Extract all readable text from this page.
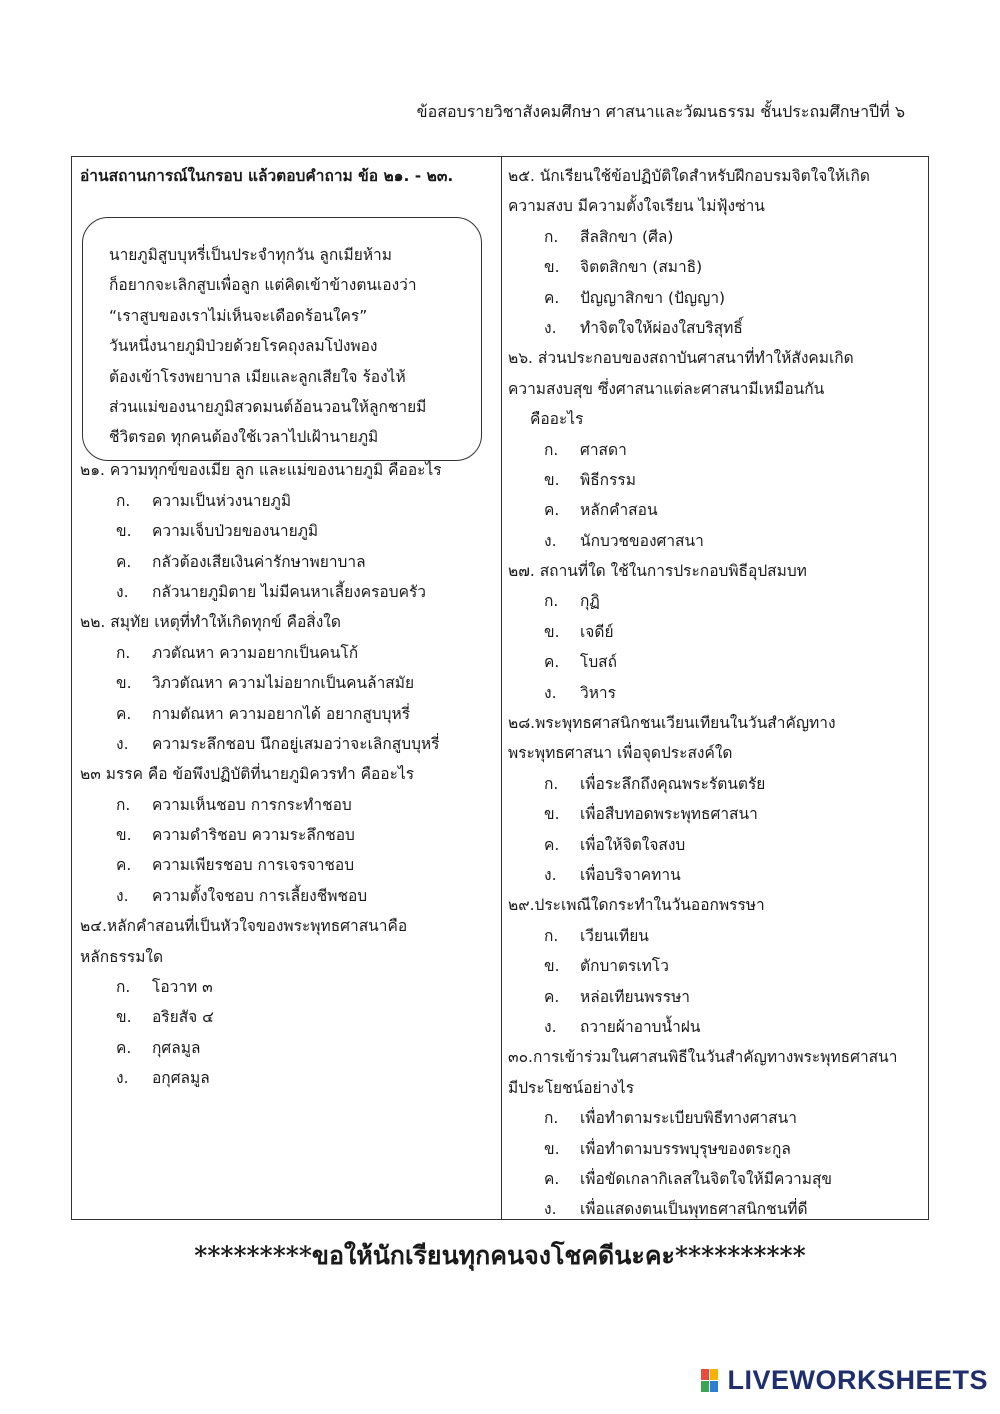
ข้อสอบรายวิชาสังคมศึกษา ศาสนาและวัฒนธรรม ชั้นประถมศึกษาปีที่ ๖
อ่านสถานการณ์ในกรอบ แล้วตอบคำถาม ข้อ ๒๑. - ๒๓.
๒๑. ความทุกข์ของเมีย ลูก และแม่ของนายภูมิ คืออะไร
ก. ความเป็นห่วงนายภูมิ
ข. ความเจ็บป่วยของนายภูมิ
ค. กลัวต้องเสียเงินค่ารักษาพยาบาล
ง. กลัวนายภูมิตาย ไม่มีคนหาเลี้ยงครอบครัว
๒๒. สมุทัย เหตุที่ทำให้เกิดทุกข์ คือสิ่งใด
ก. ภวตัณหา ความอยากเป็นคนโก้
ข. วิภวตัณหา ความไม่อยากเป็นคนล้าสมัย
ค. กามตัณหา ความอยากได้ อยากสูบบุหรี่
ง. ความระลึกชอบ นึกอยู่เสมอว่าจะเลิกสูบบุหรี่
๒๓ มรรค คือ ข้อพึงปฏิบัติที่นายภูมิควรทำ คืออะไร
ก. ความเห็นชอบ การกระทำชอบ
ข. ความดำริชอบ ความระลึกชอบ
ค. ความเพียรชอบ การเจรจาชอบ
ง. ความตั้งใจชอบ การเลี้ยงชีพชอบ
๒๔.หลักคำสอนที่เป็นหัวใจของพระพุทธศาสนาคือ
หลักธรรมใด
ก. โอวาท ๓
ข. อริยสัจ ๔
ค. กุศลมูล
ง. อกุศลมูล
นายภูมิสูบบุหรี่เป็นประจำทุกวัน ลูกเมียห้าม
ก็อยากจะเลิกสูบเพื่อลูก แต่คิดเข้าข้างตนเองว่า
“เราสูบของเราไม่เห็นจะเดือดร้อนใคร”
วันหนึ่งนายภูมิป่วยด้วยโรคถุงลมโป่งพอง
ต้องเข้าโรงพยาบาล เมียและลูกเสียใจ ร้องไห้
ส่วนแม่ของนายภูมิสวดมนต์อ้อนวอนให้ลูกชายมี
ชีวิตรอด ทุกคนต้องใช้เวลาไปเฝ้านายภูมิ
๒๕. นักเรียนใช้ข้อปฏิบัติใดสำหรับฝึกอบรมจิตใจให้เกิด
ความสงบ มีความตั้งใจเรียน ไม่ฟุ้งซ่าน
ก. สีลสิกขา (ศีล)
ข. จิตตสิกขา (สมาธิ)
ค. ปัญญาสิกขา (ปัญญา)
ง. ทำจิตใจให้ผ่องใสบริสุทธิ์
๒๖. ส่วนประกอบของสถาบันศาสนาที่ทำให้สังคมเกิด
ความสงบสุข ซึ่งศาสนาแต่ละศาสนามีเหมือนกัน
คืออะไร
ก. ศาสดา
ข. พิธีกรรม
ค. หลักคำสอน
ง. นักบวชของศาสนา
๒๗. สถานที่ใด ใช้ในการประกอบพิธีอุปสมบท
ก. กุฏิ
ข. เจดีย์
ค. โบสถ์
ง. วิหาร
๒๘.พระพุทธศาสนิกชนเวียนเทียนในวันสำคัญทาง
พระพุทธศาสนา เพื่อจุดประสงค์ใด
ก. เพื่อระลึกถึงคุณพระรัตนตรัย
ข. เพื่อสืบทอดพระพุทธศาสนา
ค. เพื่อให้จิตใจสงบ
ง. เพื่อบริจาคทาน
๒๙.ประเพณีใดกระทำในวันออกพรรษา
ก. เวียนเทียน
ข. ตักบาตรเทโว
ค. หล่อเทียนพรรษา
ง. ถวายผ้าอาบน้ำฝน
๓๐.การเข้าร่วมในศาสนพิธีในวันสำคัญทางพระพุทธศาสนา
มีประโยชน์อย่างไร
ก. เพื่อทำตามระเบียบพิธีทางศาสนา
ข. เพื่อทำตามบรรพบุรุษของตระกูล
ค. เพื่อขัดเกลากิเลสในจิตใจให้มีความสุข
ง. เพื่อแสดงตนเป็นพุทธศาสนิกชนที่ดี
*********ขอให้นักเรียนทุกคนจงโชคดีนะคะ**********
LIVEWORKSHEETS
